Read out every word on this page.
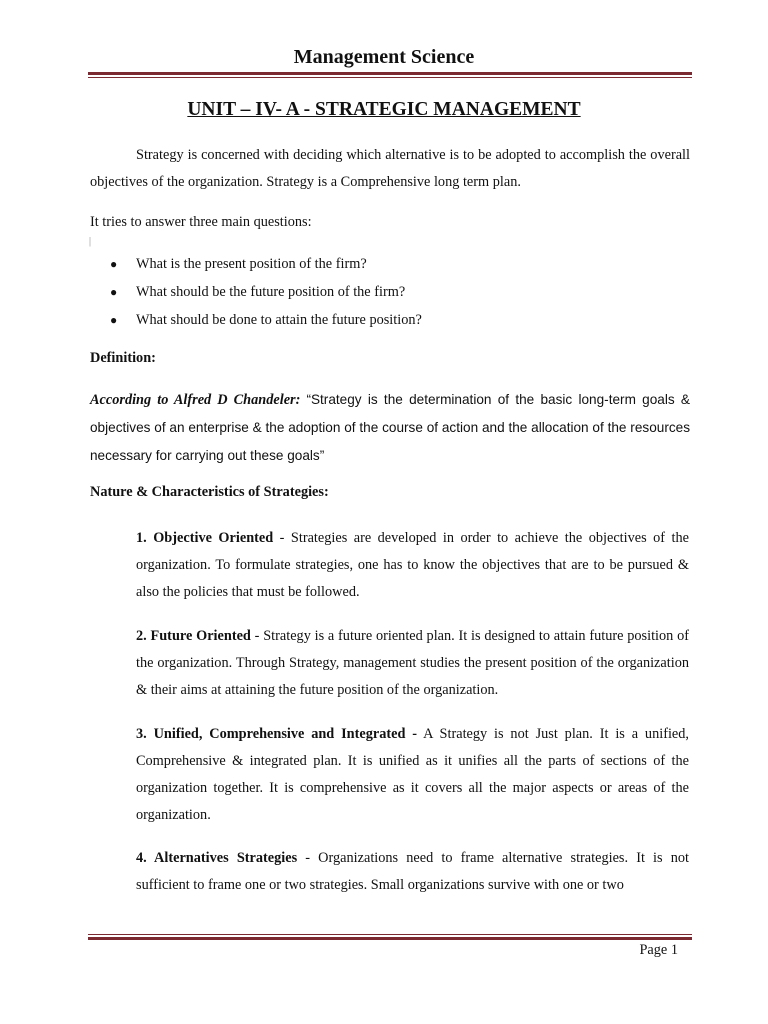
Management Science
UNIT – IV- A - STRATEGIC MANAGEMENT
Strategy is concerned with deciding which alternative is to be adopted to accomplish the overall objectives of the organization. Strategy is a Comprehensive long term plan.
It tries to answer three main questions:
|
● What is the present position of the firm?
● What should be the future position of the firm?
● What should be done to attain the future position?
Definition:
According to Alfred D Chandeler: “Strategy is the determination of the basic long-term goals & objectives of an enterprise & the adoption of the course of action and the allocation of the resources necessary for carrying out these goals”
Nature & Characteristics of Strategies:
1. Objective Oriented - Strategies are developed in order to achieve the objectives of the organization. To formulate strategies, one has to know the objectives that are to be pursued & also the policies that must be followed.
2. Future Oriented - Strategy is a future oriented plan. It is designed to attain future position of the organization. Through Strategy, management studies the present position of the organization & their aims at attaining the future position of the organization.
3. Unified, Comprehensive and Integrated - A Strategy is not Just plan. It is a unified, Comprehensive & integrated plan. It is unified as it unifies all the parts of sections of the organization together. It is comprehensive as it covers all the major aspects or areas of the organization.
4. Alternatives Strategies - Organizations need to frame alternative strategies. It is not sufficient to frame one or two strategies. Small organizations survive with one or two
Page 1
